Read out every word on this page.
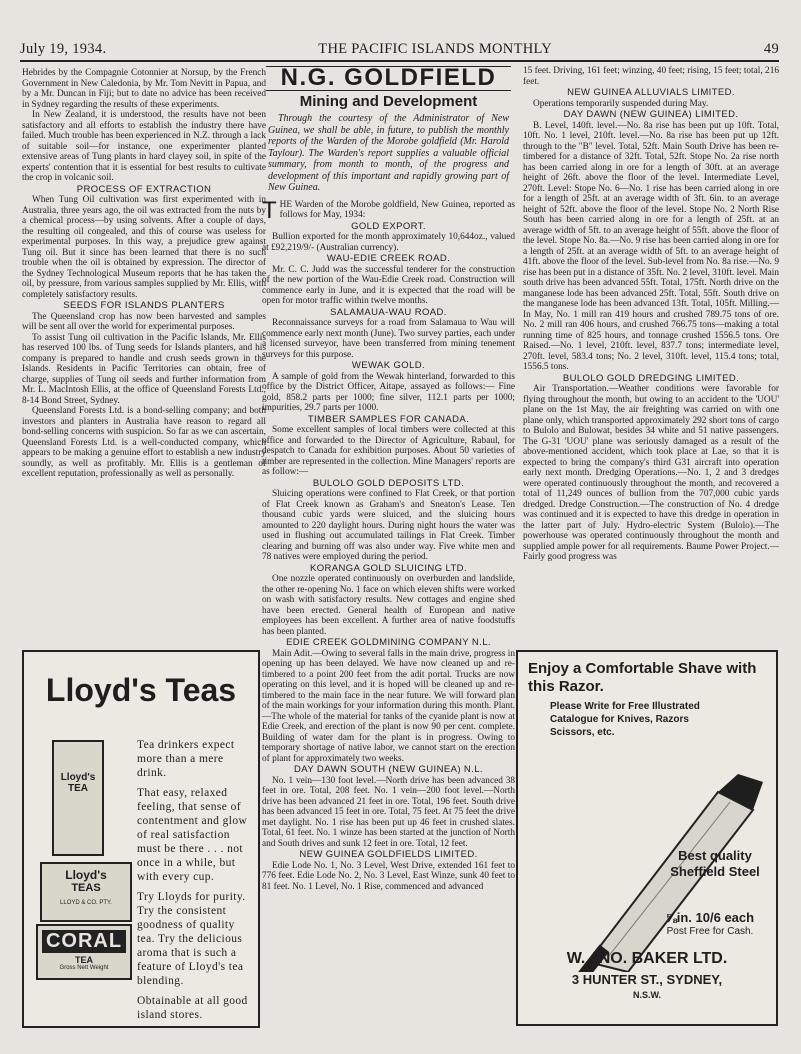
July 19, 1934.	THE PACIFIC ISLANDS MONTHLY	49

Hebrides by the Compagnie Cotonnier at Norsup, by the French Government in New Caledonia, by Mr. Tom Nevitt in Papua, and by a Mr. Duncan in Fiji; but to date no advice has been received in Sydney regarding the results of these experiments.

In New Zealand, it is understood, the results have not been satisfactory and all efforts to establish the industry there have failed. Much trouble has been experienced in N.Z. through a lack of suitable soil—for instance, one experimenter planted extensive areas of Tung plants in hard clayey soil, in spite of the experts' contention that it is essential for best results to cultivate the crop in volcanic soil.

PROCESS OF EXTRACTION

When Tung Oil cultivation was first experimented with in Australia, three years ago, the oil was extracted from the nuts by a chemical process—by using solvents. After a couple of days, the resulting oil congealed, and this of course was useless for experimental purposes. In this way, a prejudice grew against Tung oil. But it since has been learned that there is no such trouble when the oil is obtained by expression. The director of the Sydney Technological Museum reports that he has taken the oil, by pressure, from various samples supplied by Mr. Ellis, with completely satisfactory results.

SEEDS FOR ISLANDS PLANTERS

The Queensland crop has now been harvested and samples will be sent all over the world for experimental purposes.

To assist Tung oil cultivation in the Pacific Islands, Mr. Ellis has reserved 100 lbs. of Tung seeds for Islands planters, and his company is prepared to handle and crush seeds grown in the Islands. Residents in Pacific Territories can obtain, free of charge, supplies of Tung oil seeds and further information from Mr. L. MacIntosh Ellis, at the office of Queensland Forests Ltd., 8-14 Bond Street, Sydney.

Queensland Forests Ltd. is a bond-selling company; and both investors and planters in Australia have reason to regard all bond-selling concerns with suspicion. So far as we can ascertain, Queensland Forests Ltd. is a well-conducted company, which appears to be making a genuine effort to establish a new industry soundly, as well as profitably. Mr. Ellis is a gentleman of excellent reputation, professionally as well as personally.

N.G. GOLDFIELD
Mining and Development
Through the courtesy of the Administrator of New Guinea, we shall be able, in future, to publish the monthly reports of the Warden of the Morobe goldfield (Mr. Harold Taylour). The Warden's report supplies a valuable official summary, from month to month, of the progress and development of this important and rapidly growing part of New Guinea.

THE Warden of the Morobe goldfield, New Guinea, reported as follows for May, 1934:

GOLD EXPORT.

Bullion exported for the month approximately 10,644oz., valued at £92,219/9/- (Australian currency).

WAU-EDIE CREEK ROAD.

Mr. C. C. Judd was the successful tenderer for the construction of the new portion of the Wau-Edie Creek road. Construction will commence early in June, and it is expected that the road will be open for motor traffic within twelve months.

SALAMAUA-WAU ROAD.

Reconnaissance surveys for a road from Salamaua to Wau will commence early next month (June). Two survey parties, each under a licensed surveyor, have been transferred from mining tenement surveys for this purpose.

WEWAK GOLD.

A sample of gold from the Wewak hinterland, forwarded to this office by the District Officer, Aitape, assayed as follows:— Fine gold, 858.2 parts per 1000; fine silver, 112.1 parts per 1000; impurities, 29.7 parts per 1000.

TIMBER SAMPLES FOR CANADA.

Some excellent samples of local timbers were collected at this office and forwarded to the Director of Agriculture, Rabaul, for despatch to Canada for exhibition purposes. About 50 varieties of timber are represented in the collection. Mine Managers' reports are as follow:—

BULOLO GOLD DEPOSITS LTD.

Sluicing operations were confined to Flat Creek, or that portion of Flat Creek known as Graham's and Sneaton's Lease. Ten thousand cubic yards were sluiced, and the sluicing hours amounted to 220 daylight hours. During night hours the water was used in flushing out accumulated tailings in Flat Creek. Timber clearing and burning off was also under way. Five white men and 78 natives were employed during the period.

KORANGA GOLD SLUICING LTD.

One nozzle operated continuously on overburden and landslide, the other re-opening No. 1 face on which eleven shifts were worked on wash with satisfactory results. New cottages and engine shed have been erected. General health of European and native employees has been excellent. A further area of native foodstuffs has been planted.

EDIE CREEK GOLDMINING COMPANY N.L.

Main Adit.—Owing to several falls in the main drive, progress in opening up has been delayed. We have now cleaned up and re-timbered to a point 200 feet from the adit portal. Trucks are now operating on this level, and it is hoped will be cleaned up and re-timbered to the main face in the near future. We will forward plan of the main workings for your information during this month. Plant.—The whole of the material for tanks of the cyanide plant is now at Edie Creek, and erection of the plant is now 90 per cent. complete. Building of water dam for the plant is in progress. Owing to temporary shortage of native labor, we cannot start on the erection of plant for approximately two weeks.

DAY DAWN SOUTH (NEW GUINEA) N.L.

No. 1 vein—130 foot level.—North drive has been advanced 38 feet in ore. Total, 208 feet. No. 1 vein—200 foot level.—North drive has been advanced 21 feet in ore. Total, 196 feet. South drive has been advanced 15 feet in ore. Total, 75 feet. At 75 feet the drive met daylight. No. 1 rise has been put up 46 feet in crushed slates. Total, 61 feet. No. 1 winze has been started at the junction of North and South drives and sunk 12 feet in ore. Total, 12 feet.

NEW GUINEA GOLDFIELDS LIMITED.

Edie Lode No. 1, No. 3 Level, West Drive, extended 161 feet to 776 feet. Edie Lode No. 2, No. 3 Level, East Winze, sunk 40 feet to 81 feet. No. 1 Level, No. 1 Rise, commenced and advanced

15 feet. Driving, 161 feet; winzing, 40 feet; rising, 15 feet; total, 216 feet.

NEW GUINEA ALLUVIALS LIMITED.

Operations temporarily suspended during May.

DAY DAWN (NEW GUINEA) LIMITED.

B. Level, 140ft. level.—No. 8a rise has been put up 10ft. Total, 10ft. No. 1 level, 210ft. level.—No. 8a rise has been put up 12ft. through to the "B" level. Total, 52ft. Main South Drive has been re-timbered for a distance of 32ft. Total, 52ft. Stope No. 2a rise north has been carried along in ore for a length of 30ft. at an average height of 26ft. above the floor of the level. Intermediate Level, 270ft. Level: Stope No. 6—No. 1 rise has been carried along in ore for a length of 25ft. at an average width of 3ft. 6in. to an average height of 52ft. above the floor of the level. Stope No. 2 North Rise South has been carried along in ore for a length of 25ft. at an average width of 5ft. to an average height of 55ft. above the floor of the level. Stope No. 8a.—No. 9 rise has been carried along in ore for a length of 25ft. at an average width of 5ft. to an average height of 41ft. above the floor of the level. Sub-level from No. 8a rise.—No. 9 rise has been put in a distance of 35ft. No. 2 level, 310ft. level. Main south drive has been advanced 55ft. Total, 175ft. North drive on the manganese lode has been advanced 25ft. Total, 55ft. South drive on the manganese lode has been advanced 13ft. Total, 105ft. Milling.—In May, No. 1 mill ran 419 hours and crushed 789.75 tons of ore. No. 2 mill ran 406 hours, and crushed 766.75 tons—making a total running time of 825 hours, and tonnage crushed 1556.5 tons. Ore Raised.—No. 1 level, 210ft. level, 837.7 tons; intermediate level, 270ft. level, 583.4 tons; No. 2 level, 310ft. level, 115.4 tons; total, 1556.5 tons.

BULOLO GOLD DREDGING LIMITED.

Air Transportation.—Weather conditions were favorable for flying throughout the month, but owing to an accident to the 'UOU' plane on the 1st May, the air freighting was carried on with one plane only, which transported approximately 292 short tons of cargo to Bulolo and Bulowat, besides 34 white and 51 native passengers. The G-31 'UOU' plane was seriously damaged as a result of the above-mentioned accident, which took place at Lae, so that it is expected to bring the company's third G31 aircraft into operation early next month. Dredging Operations.—No. 1, 2 and 3 dredges were operated continuously throughout the month, and recovered a total of 11,249 ounces of bullion from the 707,000 cubic yards dredged. Dredge Construction.—The construction of No. 4 dredge was continued and it is expected to have this dredge in operation in the latter part of July. Hydro-electric System (Bulolo).—The powerhouse was operated continuously throughout the month and supplied ample power for all requirements. Baume Power Project.—Fairly good progress was

Lloyd's Teas
Lloyd's TEA
Lloyd's
TEAS
LLOYD & CO. PTY.
CORAL
TEA
Gross Nett Weight

Tea drinkers expect more than a mere drink.

That easy, relaxed feeling, that sense of contentment and glow of real satisfaction must be there . . . not once in a while, but with every cup.

Try Lloyds for purity. Try the consistent goodness of quality tea. Try the delicious aroma that is such a feature of Lloyd's tea blending.

Obtainable at all good island stores.

Enjoy a Comfortable Shave with this Razor.
Please Write for Free Illustrated Catalogue for Knives, Razors Scissors, etc.
Best quality Sheffield Steel
⅝in. 10/6 each
Post Free for Cash.
W. JNO. BAKER LTD.
3 HUNTER ST., SYDNEY,
N.S.W.
